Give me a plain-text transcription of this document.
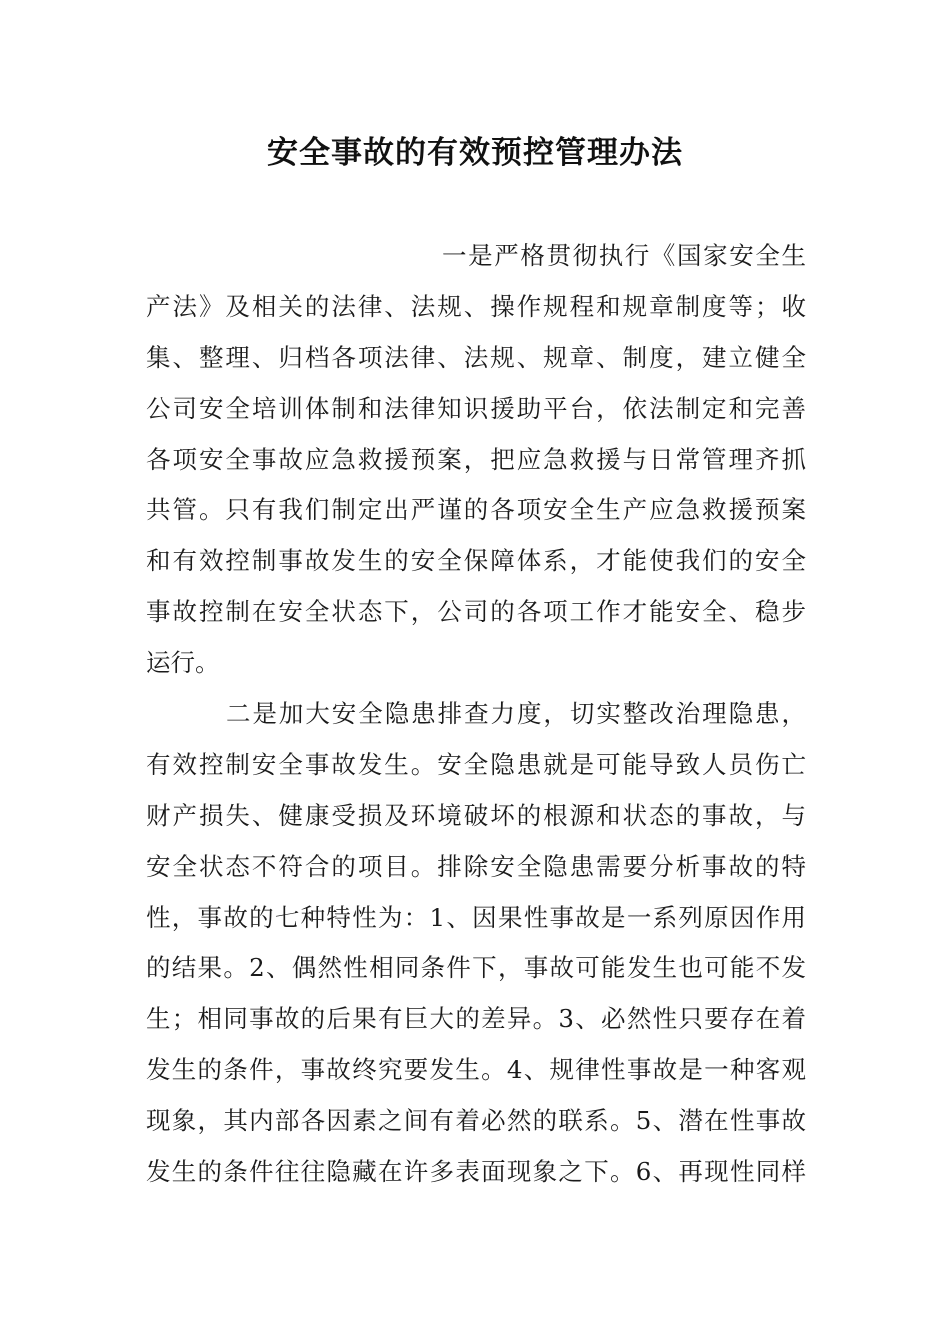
安全事故的有效预控管理办法
一是严格贯彻执行《国家安全生
产法》及相关的法律、法规、操作规程和规章制度等；收
集、整理、归档各项法律、法规、规章、制度，建立健全
公司安全培训体制和法律知识援助平台，依法制定和完善
各项安全事故应急救援预案，把应急救援与日常管理齐抓
共管。只有我们制定出严谨的各项安全生产应急救援预案
和有效控制事故发生的安全保障体系，才能使我们的安全
事故控制在安全状态下，公司的各项工作才能安全、稳步
运行。
二是加大安全隐患排查力度，切实整改治理隐患，
有效控制安全事故发生。安全隐患就是可能导致人员伤亡
财产损失、健康受损及环境破坏的根源和状态的事故，与
安全状态不符合的项目。排除安全隐患需要分析事故的特
性，事故的七种特性为：1、因果性事故是一系列原因作用
的结果。2、偶然性相同条件下，事故可能发生也可能不发
生；相同事故的后果有巨大的差异。3、必然性只要存在着
发生的条件，事故终究要发生。4、规律性事故是一种客观
现象，其内部各因素之间有着必然的联系。5、潜在性事故
发生的条件往往隐藏在许多表面现象之下。6、再现性同样
